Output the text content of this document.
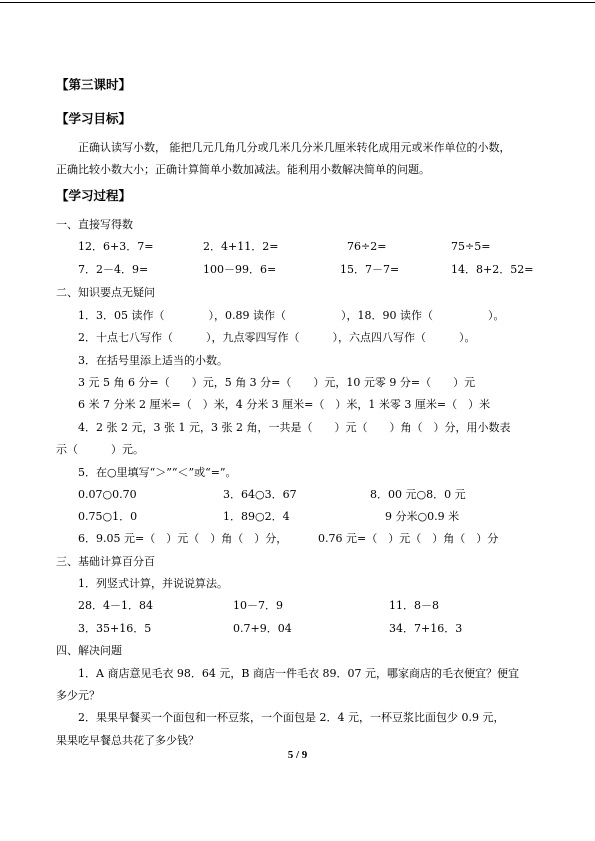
【第三课时】
【学习目标】
正确认读写小数， 能把几元几角几分或几米几分米几厘米转化成用元或米作单位的小数，
正确比较小数大小；正确计算简单小数加减法。能利用小数解决简单的问题。
【学习过程】
一、直接写得数
12．6+3．7=	2．4+11．2=	76÷2=	75÷5=
7．2－4．9=	100－99．6=	15．7－7=	14．8+2．52=
二、知识要点无疑问
1．3．05 读作（　　　　），0.89 读作（　　　　　），18．90 读作（　　　　　）。
2．十点七八写作（　　　），九点零四写作（　　　），六点四八写作（　　　）。
3．在括号里添上适当的小数。
3 元 5 角 6 分=（　　）元，5 角 3 分=（　　）元，10 元零 9 分=（　　）元
6 米 7 分米 2 厘米=（　）米，4 分米 3 厘米=（　）米，1 米零 3 厘米=（　）米
4．2 张 2 元，3 张 1 元，3 张 2 角，一共是（　　）元（　　）角（　）分，用小数表
示（　　　）元。
5．在○里填写“＞”“＜”或“=”。
0.07○0.70	3．64○3．67	8．00 元○8．0 元
0.75○1．0	1．89○2．4	9 分米○0.9 米
6．9.05 元=（　）元（　）角（　）分，	0.76 元=（　）元（　）角（　）分
三、基础计算百分百
1．列竖式计算，并说说算法。
28．4－1．84	10－7．9	11．8－8
3．35+16．5	0.7+9．04	34．7+16．3
四、解决问题
1．A 商店意见毛衣 98．64 元，B 商店一件毛衣 89．07 元，哪家商店的毛衣便宜？便宜
多少元？
2．果果早餐买一个面包和一杯豆浆，一个面包是 2．4 元，一杯豆浆比面包少 0.9 元，
果果吃早餐总共花了多少钱？
5 / 9
